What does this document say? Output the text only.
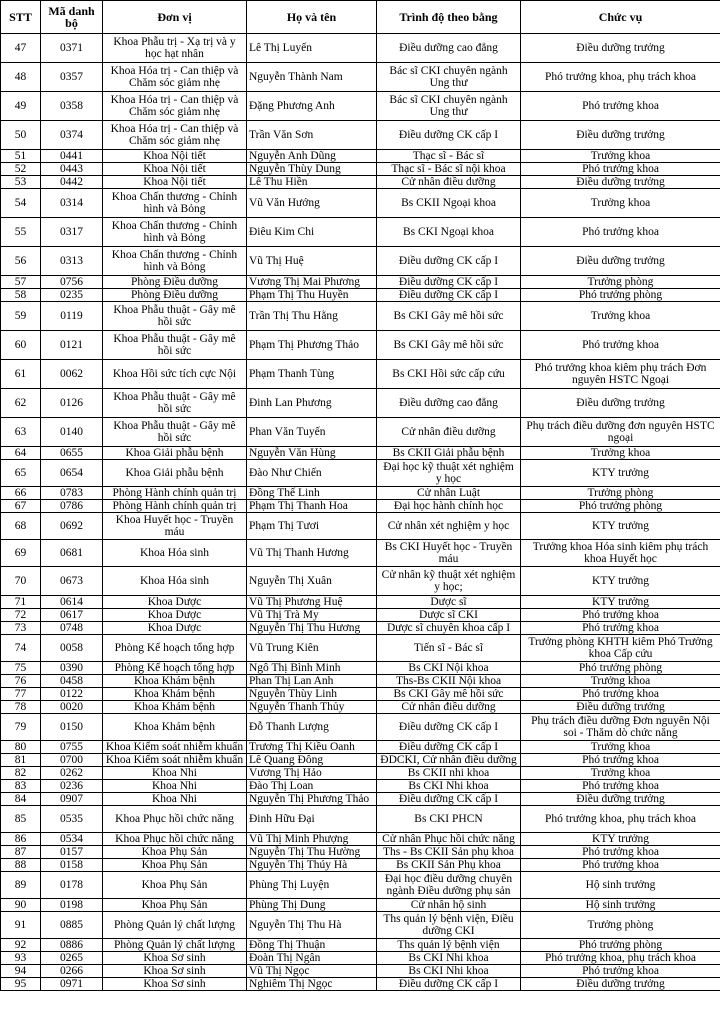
STT	Mã danh bộ	Đơn vị	Họ và tên	Trình độ theo bằng	Chức vụ
47	0371	Khoa Phẫu trị - Xạ trị và y học hạt nhân	Lê Thị Luyến	Điều dưỡng cao đẳng	Điều dưỡng trưởng
48	0357	Khoa Hóa trị - Can thiệp và Chăm sóc giảm nhẹ	Nguyễn Thành Nam	Bác sĩ CKI chuyên ngành Ung thư	Phó trưởng khoa, phụ trách khoa
49	0358	Khoa Hóa trị - Can thiệp và Chăm sóc giảm nhẹ	Đặng Phương Anh	Bác sĩ CKI chuyên ngành Ung thư	Phó trưởng khoa
50	0374	Khoa Hóa trị - Can thiệp và Chăm sóc giảm nhẹ	Trần Văn Sơn	Điều dưỡng CK cấp I	Điều dưỡng trưởng
51	0441	Khoa Nội tiết	Nguyễn Anh Dũng	Thạc sĩ - Bác sĩ	Trưởng khoa
52	0443	Khoa Nội tiết	Nguyễn Thùy Dung	Thạc sĩ - Bác sĩ nội khoa	Phó trưởng khoa
53	0442	Khoa Nội tiết	Lê Thu Hiền	Cử nhân điều dưỡng	Điều dưỡng trưởng
54	0314	Khoa Chấn thương - Chỉnh hình và Bỏng	Vũ Văn Hướng	Bs CKII Ngoại khoa	Trưởng khoa
55	0317	Khoa Chấn thương - Chỉnh hình và Bỏng	Điêu Kim Chi	Bs CKI Ngoại khoa	Phó trưởng khoa
56	0313	Khoa Chấn thương - Chỉnh hình và Bỏng	Vũ Thị Huệ	Điều dưỡng CK cấp I	Điều dưỡng trưởng
57	0756	Phòng Điều dưỡng	Vương Thị Mai Phương	Điều dưỡng CK cấp I	Trưởng phòng
58	0235	Phòng Điều dưỡng	Phạm Thị Thu Huyền	Điều dưỡng CK cấp I	Phó trưởng phòng
59	0119	Khoa Phẫu thuật - Gây mê hồi sức	Trần Thị Thu Hằng	Bs CKI Gây mê hồi sức	Trưởng khoa
60	0121	Khoa Phẫu thuật - Gây mê hồi sức	Phạm Thị Phương Thảo	Bs CKI Gây mê hồi sức	Phó trưởng khoa
61	0062	Khoa Hồi sức tích cực Nội	Phạm Thanh Tùng	Bs CKI Hồi sức cấp cứu	Phó trưởng khoa kiêm phụ trách Đơn nguyên HSTC Ngoại
62	0126	Khoa Phẫu thuật - Gây mê hồi sức	Đinh Lan Phương	Điều dưỡng cao đẳng	Điều dưỡng trưởng
63	0140	Khoa Phẫu thuật - Gây mê hồi sức	Phan Văn Tuyến	Cử nhân điều dưỡng	Phụ trách điều dưỡng đơn nguyên HSTC ngoại
64	0655	Khoa Giải phẫu bệnh	Nguyễn Văn Hùng	Bs CKII Giải phẫu bệnh	Trưởng khoa
65	0654	Khoa Giải phẫu bệnh	Đào Như Chiến	Đại học kỹ thuật xét nghiệm y học	KTY trưởng
66	0783	Phòng Hành chính quản trị	Đồng Thế Linh	Cử nhân Luật	Trưởng phòng
67	0786	Phòng Hành chính quản trị	Phạm Thị Thanh Hoa	Đại học hành chính học	Phó trưởng phòng
68	0692	Khoa Huyết học - Truyền máu	Phạm Thị Tươi	Cử nhân xét nghiệm y học	KTY trưởng
69	0681	Khoa Hóa sinh	Vũ Thị Thanh Hương	Bs CKI Huyết học - Truyền máu	Trưởng khoa Hóa sinh kiêm phụ trách khoa Huyết học
70	0673	Khoa Hóa sinh	Nguyễn Thị Xuân	Cử nhân kỹ thuật xét nghiệm y học;	KTY trưởng
71	0614	Khoa Dược	Vũ Thị Phương Huệ	Dược sĩ	KTY trưởng
72	0617	Khoa Dược	Vũ Thị Trà My	Dược sĩ CKI	Phó trưởng khoa
73	0748	Khoa Dược	Nguyễn Thị Thu Hương	Dược sĩ chuyên khoa cấp I	Phó trưởng khoa
74	0058	Phòng Kế hoạch tổng hợp	Vũ Trung Kiên	Tiến sĩ - Bác sĩ	Trưởng phòng KHTH kiêm Phó Trưởng khoa Cấp cứu
75	0390	Phòng Kế hoạch tổng hợp	Ngô Thị Bình Minh	Bs CKI Nội khoa	Phó trưởng phòng
76	0458	Khoa Khám bệnh	Phan Thị Lan Anh	Ths-Bs CKII Nội khoa	Trưởng khoa
77	0122	Khoa Khám bệnh	Nguyễn Thùy Linh	Bs CKI Gây mê hồi sức	Phó trưởng khoa
78	0020	Khoa Khám bệnh	Nguyễn Thanh Thủy	Cử nhân điều dưỡng	Điều dưỡng trưởng
79	0150	Khoa Khám bệnh	Đỗ Thanh Lượng	Điều dưỡng CK cấp I	Phụ trách điều dưỡng Đơn nguyên Nội soi - Thăm dò chức năng
80	0755	Khoa Kiểm soát nhiễm khuẩn	Trương Thị Kiều Oanh	Điều dưỡng CK cấp I	Trưởng khoa
81	0700	Khoa Kiểm soát nhiễm khuẩn	Lê Quang Đông	ĐDCKI, Cử nhân điều dưỡng	Phó trưởng khoa
82	0262	Khoa Nhi	Vương Thị Hảo	Bs CKII nhi khoa	Trưởng khoa
83	0236	Khoa Nhi	Đào Thị Loan	Bs CKI Nhi khoa	Phó trưởng khoa
84	0907	Khoa Nhi	Nguyễn Thị Phương Thảo	Điều dưỡng CK cấp I	Điều dưỡng trưởng
85	0535	Khoa Phục hồi chức năng	Đinh Hữu Đại	Bs CKI PHCN	Phó trưởng khoa, phụ trách khoa
86	0534	Khoa Phục hồi chức năng	Vũ Thị Minh Phượng	Cử nhân Phục hồi chức năng	KTY trưởng
87	0157	Khoa Phụ Sản	Nguyễn Thị Thu Hường	Ths - Bs CKII Sản phụ khoa	Phó trưởng khoa
88	0158	Khoa Phụ Sản	Nguyễn Thị Thúy Hà	Bs CKII Sản Phụ khoa	Phó trưởng khoa
89	0178	Khoa Phụ Sản	Phùng Thị Luyện	Đại học điều dưỡng chuyên ngành Điều dưỡng phụ sản	Hộ sinh trưởng
90	0198	Khoa Phụ Sản	Phùng Thị Dung	Cử nhân hộ sinh	Hộ sinh trưởng
91	0885	Phòng Quản lý chất lượng	Nguyễn Thị Thu Hà	Ths quản lý bệnh viện, Điều dưỡng CKI	Trưởng phòng
92	0886	Phòng Quản lý chất lượng	Đồng Thị Thuận	Ths quản lý bệnh viện	Phó trưởng phòng
93	0265	Khoa Sơ sinh	Đoàn Thị Ngân	Bs CKI Nhi khoa	Phó trưởng khoa, phụ trách khoa
94	0266	Khoa Sơ sinh	Vũ Thị Ngọc	Bs CKI Nhi khoa	Phó trưởng khoa
95	0971	Khoa Sơ sinh	Nghiêm Thị Ngọc	Điều dưỡng CK cấp I	Điều dưỡng trưởng
